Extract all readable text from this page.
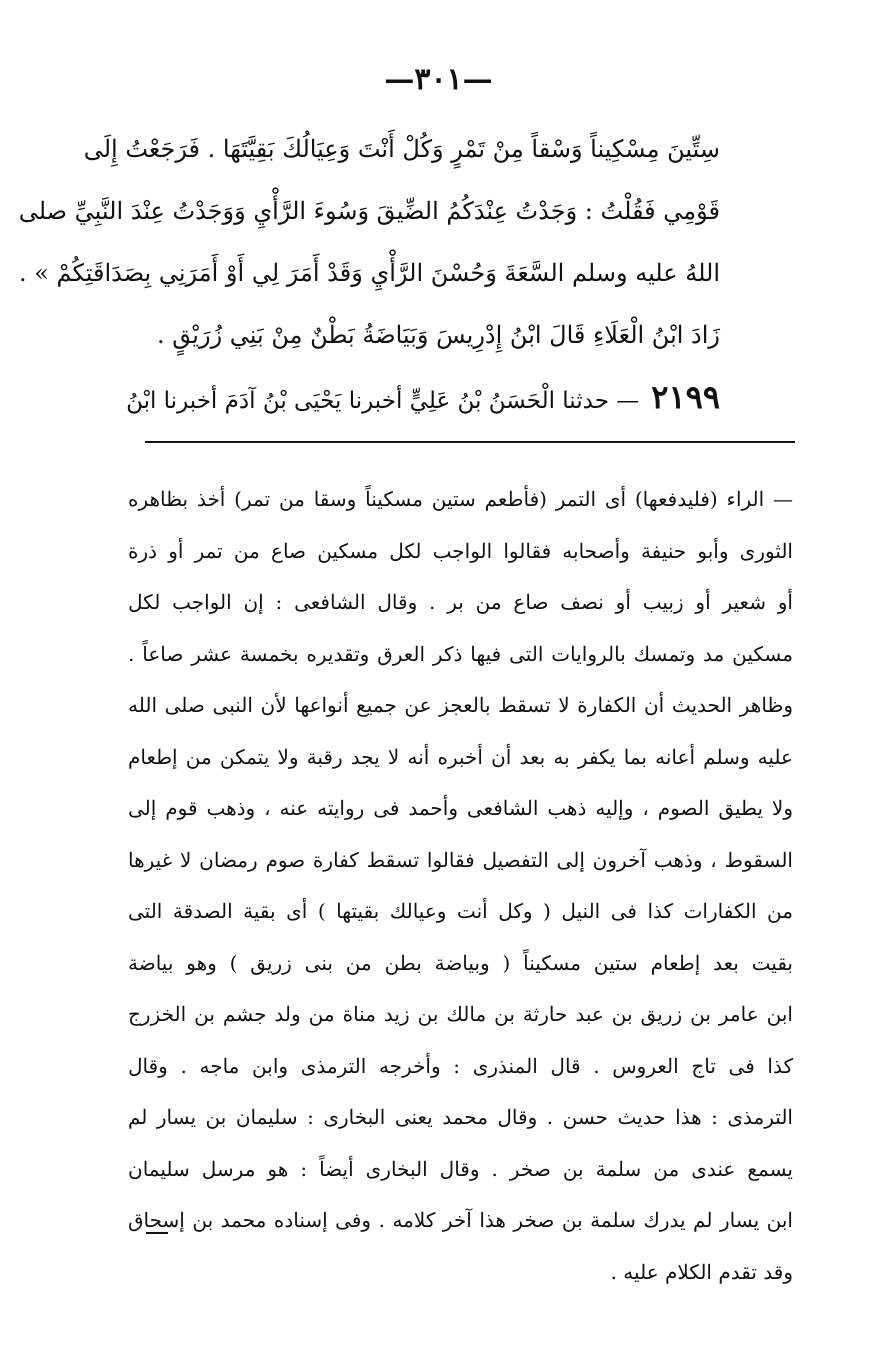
—٣٠١—
سِتِّينَ مِسْكِيناً وَسْقاً مِنْ تَمْرٍ وَكُلْ أَنْتَ وَعِيَالُكَ بَقِيَّتَهَا . فَرَجَعْتُ إِلَى
قَوْمِي فَقُلْتُ : وَجَدْتُ عِنْدَكُمُ الضِّيقَ وَسُوءَ الرَّأْيِ وَوَجَدْتُ عِنْدَ النَّبِيِّ صلى
اللهُ عليه وسلم السَّعَةَ وَحُسْنَ الرَّأْيِ وَقَدْ أَمَرَ لِي أَوْ أَمَرَنِي بِصَدَاقَتِكُمْ » .
زَادَ ابْنُ الْعَلَاءِ قَالَ ابْنُ إِدْرِيسَ وَبَيَاضَةُ بَطْنٌ مِنْ بَنِي زُرَيْقٍ .
٢١٩٩— حدثنا الْحَسَنُ بْنُ عَلِيٍّ أخبرنا يَحْيَى بْنُ آدَمَ أخبرنا ابْنُ
— الراء (فليدفعها) أى التمر (فأطعم ستين مسكيناً وسقا من تمر) أخذ بظاهره
الثورى وأبو حنيفة وأصحابه فقالوا الواجب لكل مسكين صاع من تمر أو ذرة
أو شعير أو زبيب أو نصف صاع من بر . وقال الشافعى : إن الواجب لكل
مسكين مد وتمسك بالروايات التى فيها ذكر العرق وتقديره بخمسة عشر صاعاً .
وظاهر الحديث أن الكفارة لا تسقط بالعجز عن جميع أنواعها لأن النبى صلى الله
عليه وسلم أعانه بما يكفر به بعد أن أخبره أنه لا يجد رقبة ولا يتمكن من إطعام
ولا يطيق الصوم ، وإليه ذهب الشافعى وأحمد فى روايته عنه ، وذهب قوم إلى
السقوط ، وذهب آخرون إلى التفصيل فقالوا تسقط كفارة صوم رمضان لا غيرها
من الكفارات كذا فى النيل ( وكل أنت وعيالك بقيتها ) أى بقية الصدقة التى
بقيت بعد إطعام ستين مسكيناً ( وبياضة بطن من بنى زريق ) وهو بياضة
ابن عامر بن زريق بن عبد حارثة بن مالك بن زيد مناة من ولد جشم بن الخزرج
كذا فى تاج العروس . قال المنذرى : وأخرجه الترمذى وابن ماجه . وقال
الترمذى : هذا حديث حسن . وقال محمد يعنى البخارى : سليمان بن يسار لم
يسمع عندى من سلمة بن صخر . وقال البخارى أيضاً : هو مرسل سليمان
ابن يسار لم يدرك سلمة بن صخر هذا آخر كلامه . وفى إسناده محمد بن إسحاق
وقد تقدم الكلام عليه .
